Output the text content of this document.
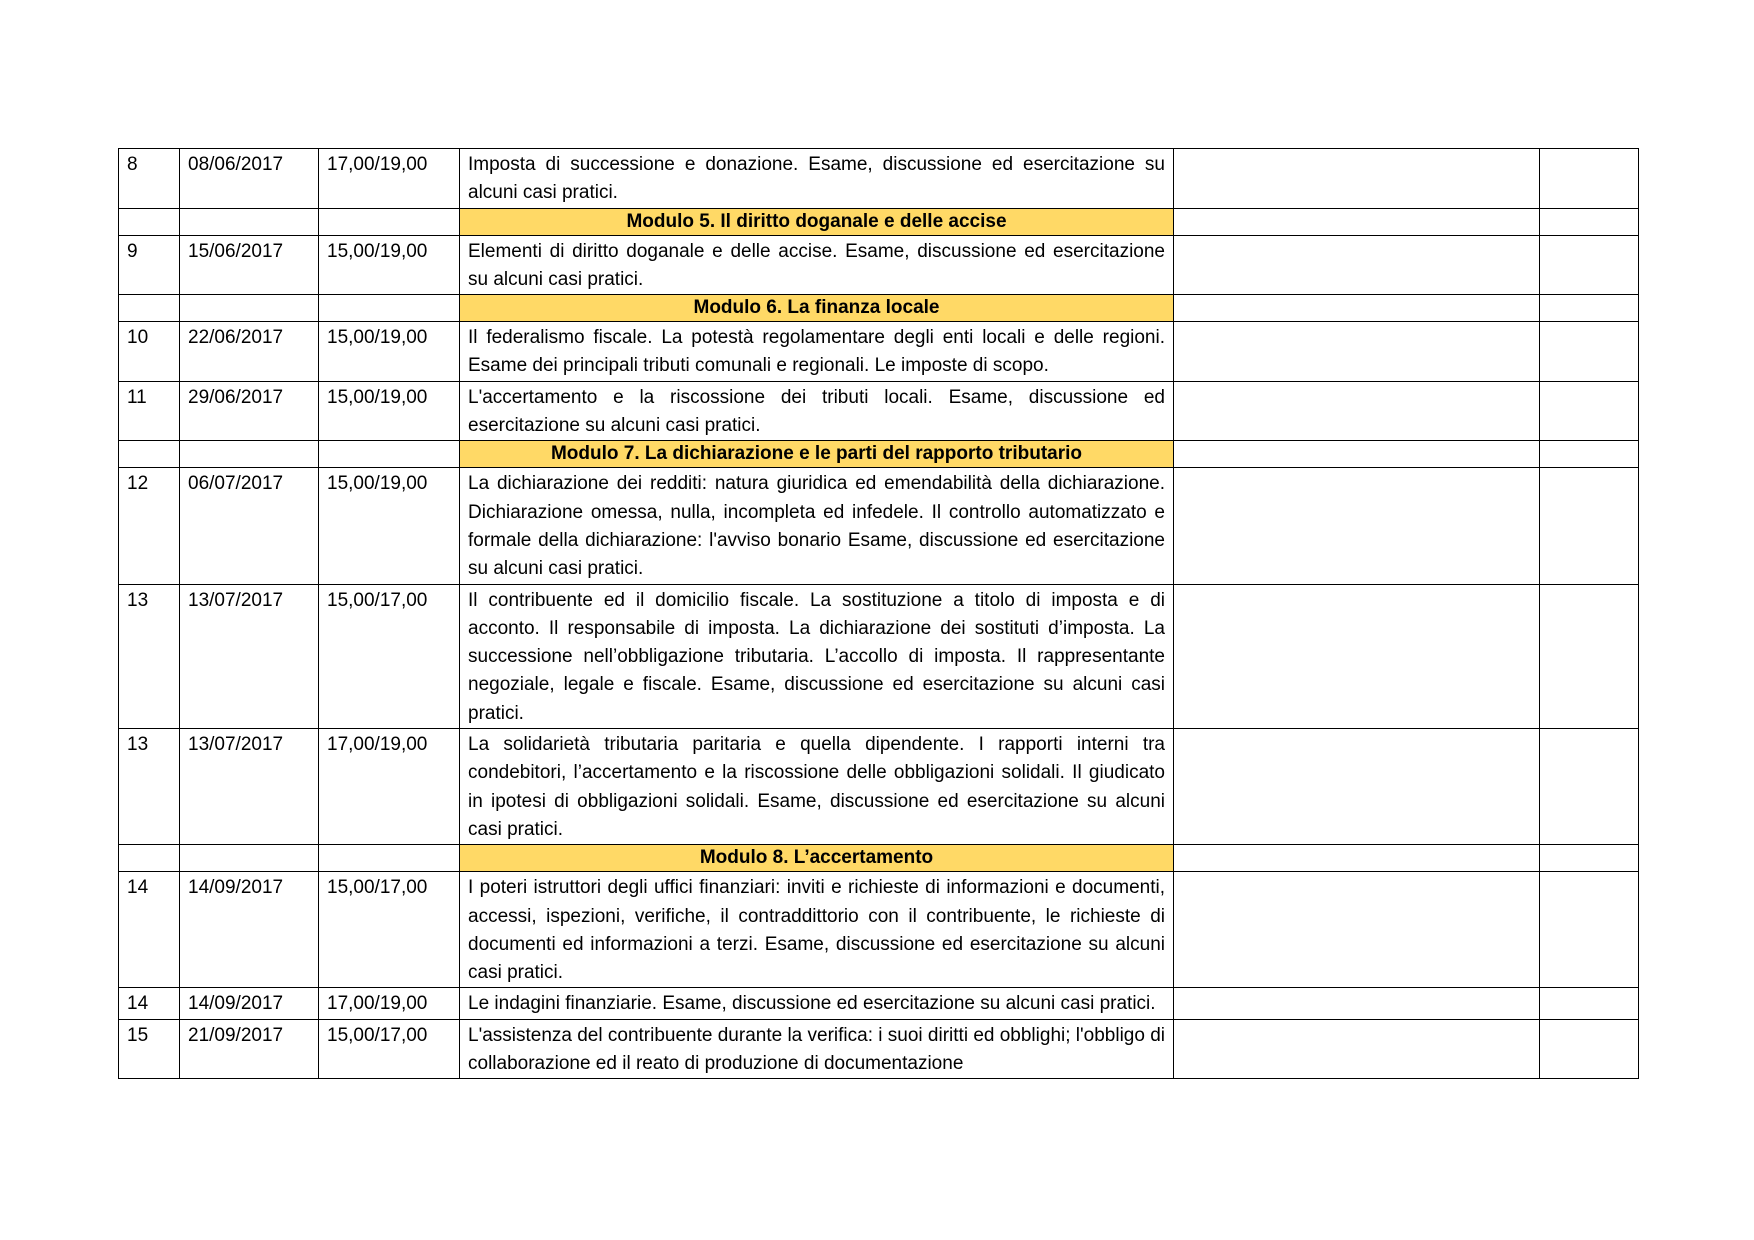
8	08/06/2017	17,00/19,00	Imposta di successione e donazione. Esame, discussione ed esercitazione su alcuni casi pratici.		
			Modulo 5. Il diritto doganale e delle accise		
9	15/06/2017	15,00/19,00	Elementi di diritto doganale e delle accise. Esame, discussione ed esercitazione su alcuni casi pratici.		
			Modulo 6. La finanza locale		
10	22/06/2017	15,00/19,00	Il federalismo fiscale. La potestà regolamentare degli enti locali e delle regioni. Esame dei principali tributi comunali e regionali. Le imposte di scopo.		
11	29/06/2017	15,00/19,00	L'accertamento e la riscossione dei tributi locali. Esame, discussione ed esercitazione su alcuni casi pratici.		
			Modulo 7. La dichiarazione e le parti del rapporto tributario		
12	06/07/2017	15,00/19,00	La dichiarazione dei redditi: natura giuridica ed emendabilità della dichiarazione. Dichiarazione omessa, nulla, incompleta ed infedele. Il controllo automatizzato e formale della dichiarazione: l'avviso bonario Esame, discussione ed esercitazione su alcuni casi pratici.		
13	13/07/2017	15,00/17,00	Il contribuente ed il domicilio fiscale. La sostituzione a titolo di imposta e di acconto. Il responsabile di imposta. La dichiarazione dei sostituti d’imposta. La successione nell’obbligazione tributaria. L’accollo di imposta. Il rappresentante negoziale, legale e fiscale. Esame, discussione ed esercitazione su alcuni casi pratici.		
13	13/07/2017	17,00/19,00	La solidarietà tributaria paritaria e quella dipendente. I rapporti interni tra condebitori, l’accertamento e la riscossione delle obbligazioni solidali. Il giudicato in ipotesi di obbligazioni solidali. Esame, discussione ed esercitazione su alcuni casi pratici.		
			Modulo 8. L’accertamento		
14	14/09/2017	15,00/17,00	I poteri istruttori degli uffici finanziari: inviti e richieste di informazioni e documenti, accessi, ispezioni, verifiche, il contraddittorio con il contribuente, le richieste di documenti ed informazioni a terzi. Esame, discussione ed esercitazione su alcuni casi pratici.		
14	14/09/2017	17,00/19,00	Le indagini finanziarie. Esame, discussione ed esercitazione su alcuni casi pratici.		
15	21/09/2017	15,00/17,00	L'assistenza del contribuente durante la verifica: i suoi diritti ed obblighi; l'obbligo di collaborazione ed il reato di produzione di documentazione		
